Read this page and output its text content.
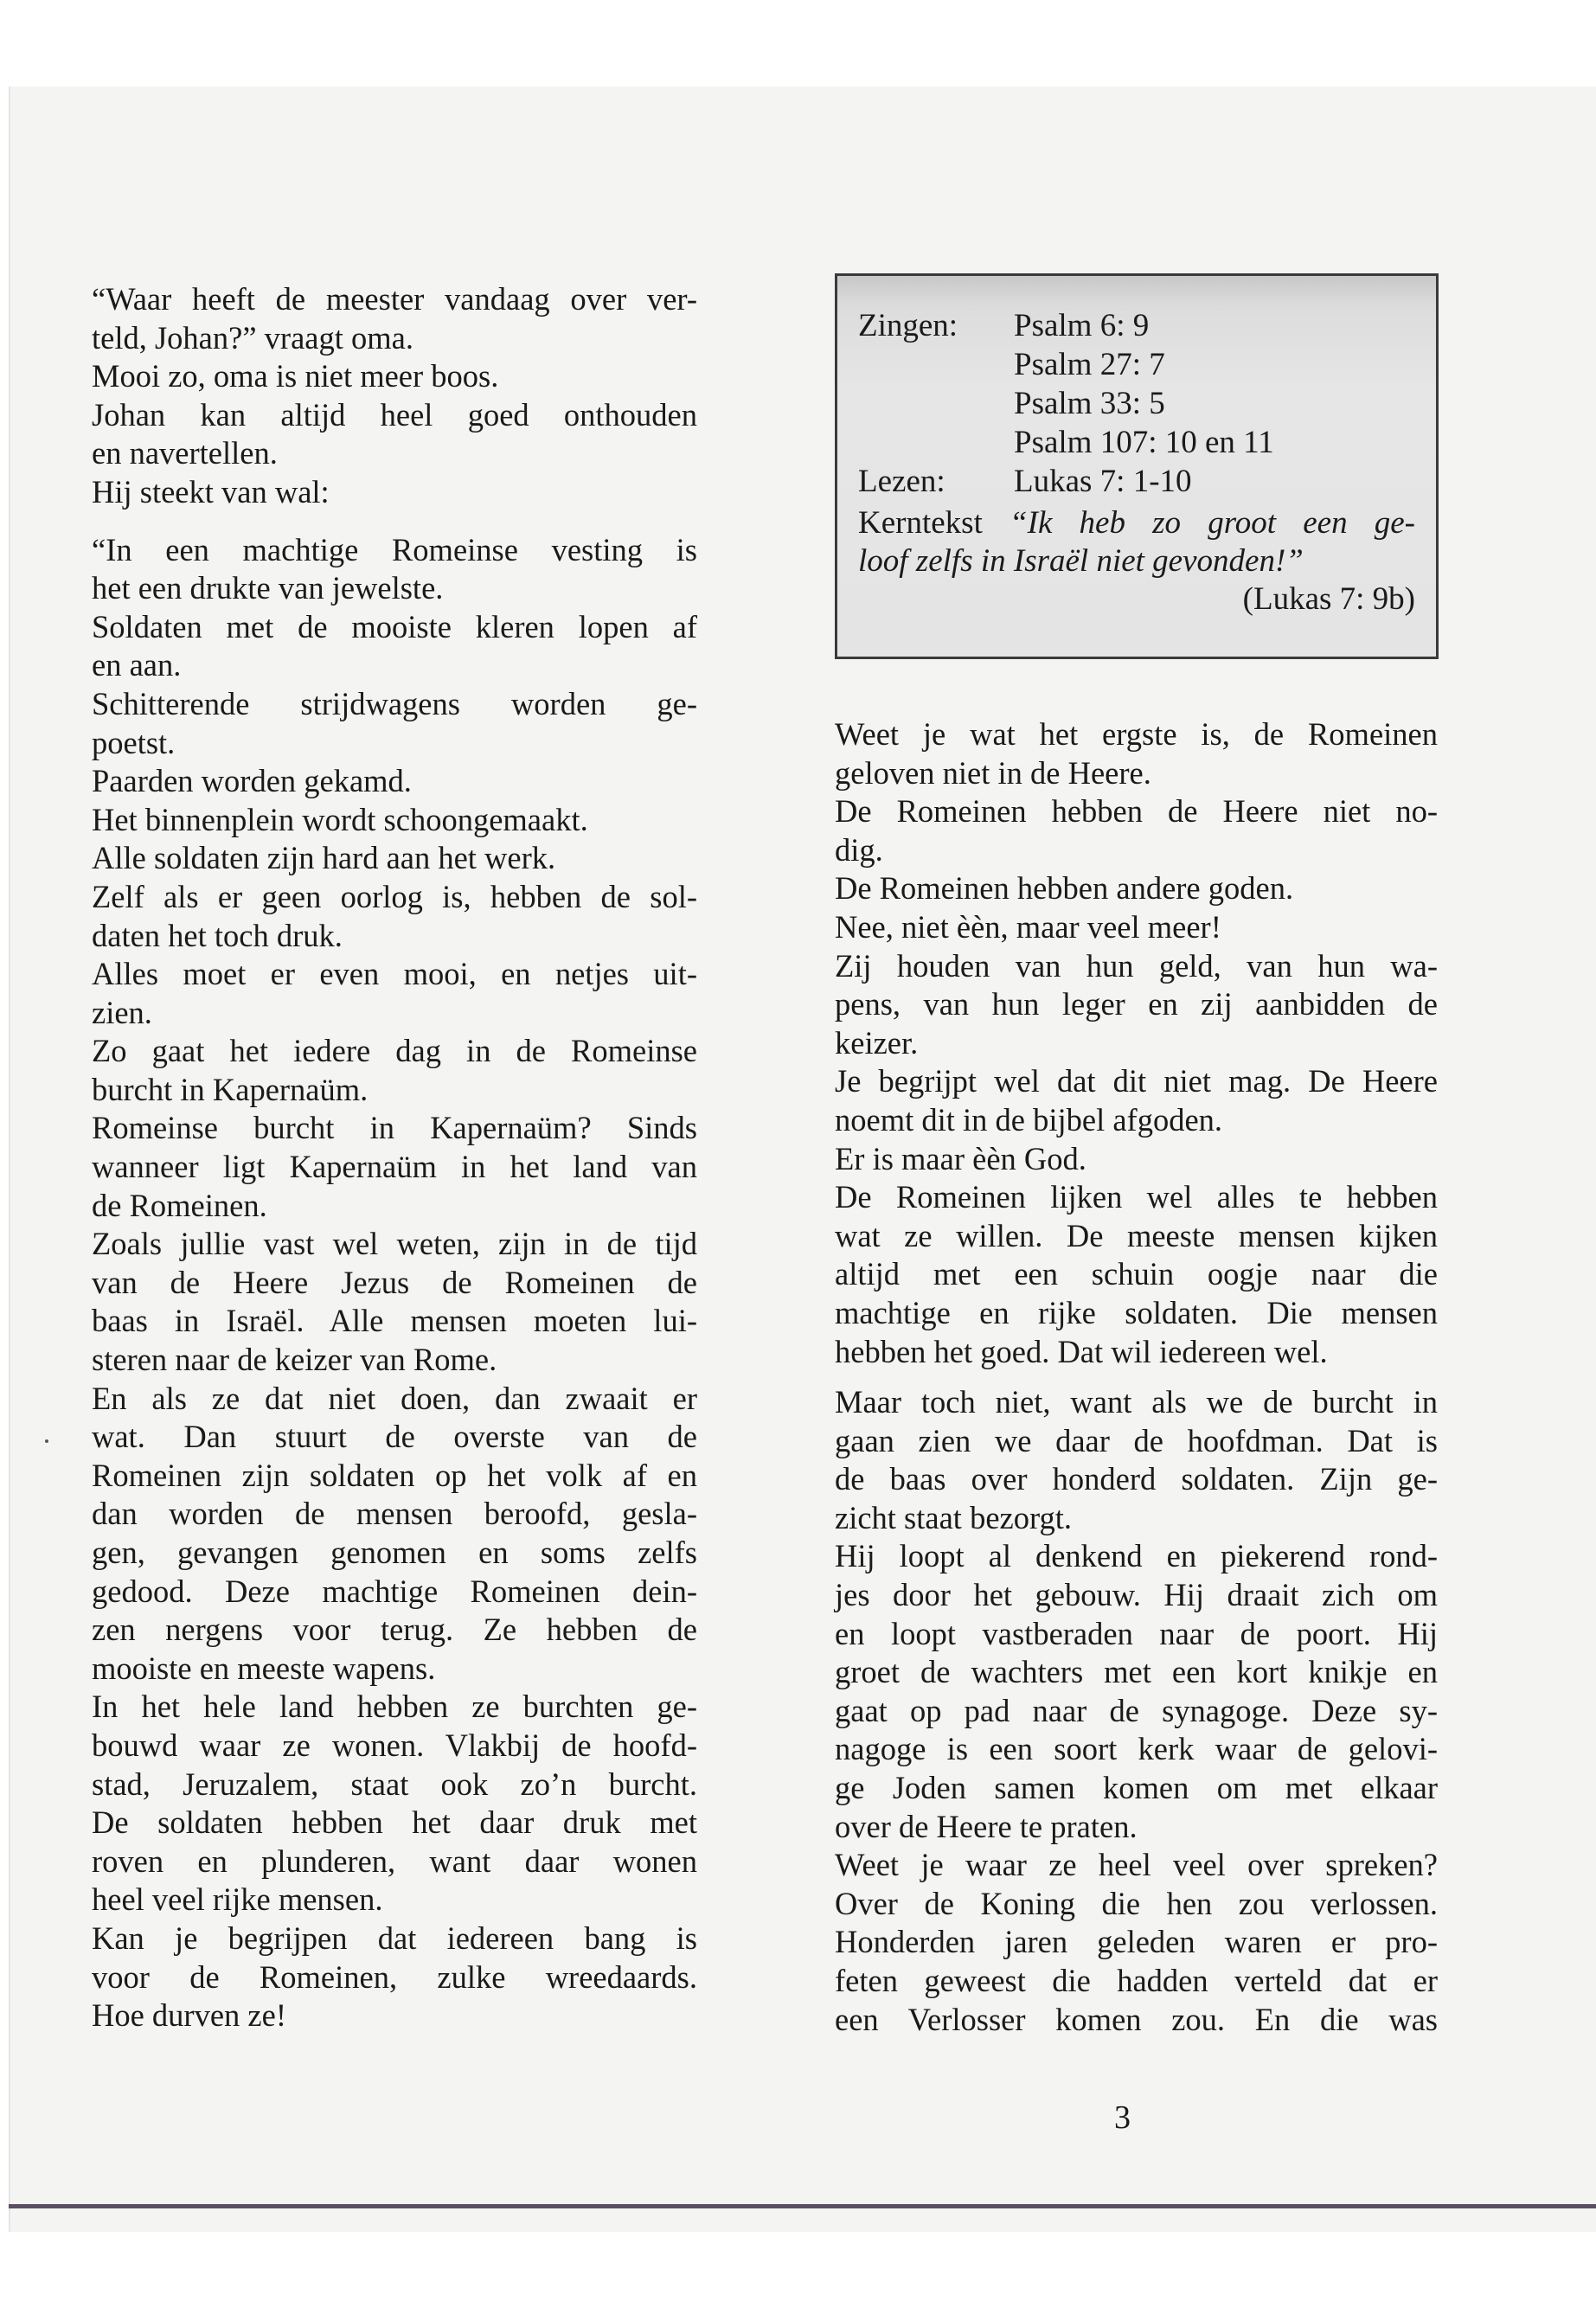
“Waar heeft de meester vandaag over ver-
teld, Johan?” vraagt oma.
Mooi zo, oma is niet meer boos.
Johan kan altijd heel goed onthouden
en navertellen.
Hij steekt van wal:
“In een machtige Romeinse vesting is
het een drukte van jewelste.
Soldaten met de mooiste kleren lopen af
en aan.
Schitterende strijdwagens worden ge-
poetst.
Paarden worden gekamd.
Het binnenplein wordt schoongemaakt.
Alle soldaten zijn hard aan het werk.
Zelf als er geen oorlog is, hebben de sol-
daten het toch druk.
Alles moet er even mooi, en netjes uit-
zien.
Zo gaat het iedere dag in de Romeinse
burcht in Kapernaüm.
Romeinse burcht in Kapernaüm? Sinds
wanneer ligt Kapernaüm in het land van
de Romeinen.
Zoals jullie vast wel weten, zijn in de tijd
van de Heere Jezus de Romeinen de
baas in Israël. Alle mensen moeten lui-
steren naar de keizer van Rome.
En als ze dat niet doen, dan zwaait er
wat. Dan stuurt de overste van de
Romeinen zijn soldaten op het volk af en
dan worden de mensen beroofd, gesla-
gen, gevangen genomen en soms zelfs
gedood. Deze machtige Romeinen dein-
zen nergens voor terug. Ze hebben de
mooiste en meeste wapens.
In het hele land hebben ze burchten ge-
bouwd waar ze wonen. Vlakbij de hoofd-
stad, Jeruzalem, staat ook zo’n burcht.
De soldaten hebben het daar druk met
roven en plunderen, want daar wonen
heel veel rijke mensen.
Kan je begrijpen dat iedereen bang is
voor de Romeinen, zulke wreedaards.
Hoe durven ze!
Zingen: Psalm 6: 9
Psalm 27: 7
Psalm 33: 5
Psalm 107: 10 en 11
Lezen: Lukas 7: 1-10
Kerntekst “Ik heb zo groot een ge-
loof zelfs in Israël niet gevonden!”
(Lukas 7: 9b)
Weet je wat het ergste is, de Romeinen
geloven niet in de Heere.
De Romeinen hebben de Heere niet no-
dig.
De Romeinen hebben andere goden.
Nee, niet èèn, maar veel meer!
Zij houden van hun geld, van hun wa-
pens, van hun leger en zij aanbidden de
keizer.
Je begrijpt wel dat dit niet mag. De Heere
noemt dit in de bijbel afgoden.
Er is maar èèn God.
De Romeinen lijken wel alles te hebben
wat ze willen. De meeste mensen kijken
altijd met een schuin oogje naar die
machtige en rijke soldaten. Die mensen
hebben het goed. Dat wil iedereen wel.
Maar toch niet, want als we de burcht in
gaan zien we daar de hoofdman. Dat is
de baas over honderd soldaten. Zijn ge-
zicht staat bezorgt.
Hij loopt al denkend en piekerend rond-
jes door het gebouw. Hij draait zich om
en loopt vastberaden naar de poort. Hij
groet de wachters met een kort knikje en
gaat op pad naar de synagoge. Deze sy-
nagoge is een soort kerk waar de gelovi-
ge Joden samen komen om met elkaar
over de Heere te praten.
Weet je waar ze heel veel over spreken?
Over de Koning die hen zou verlossen.
Honderden jaren geleden waren er pro-
feten geweest die hadden verteld dat er
een Verlosser komen zou. En die was
3
